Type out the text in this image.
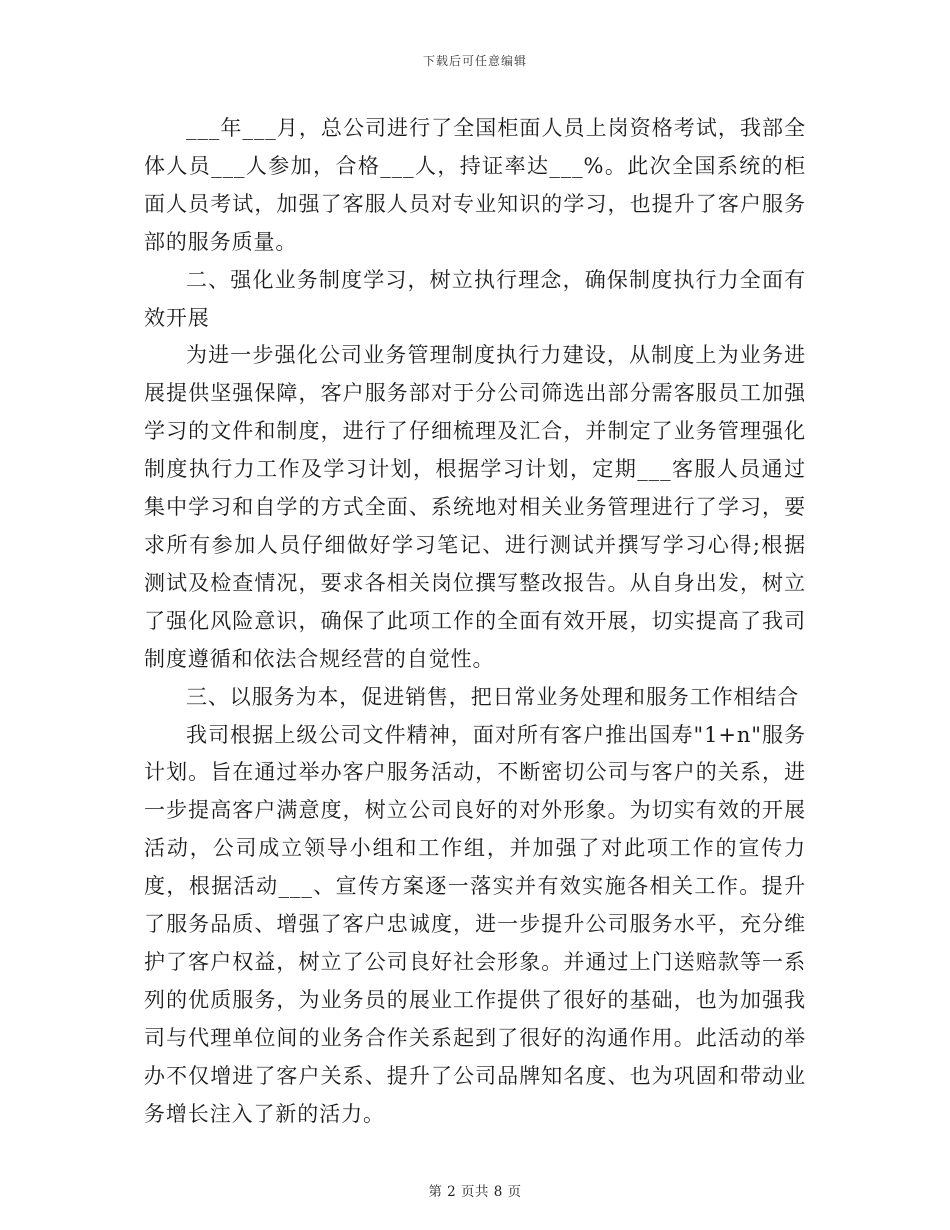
下载后可任意编辑

___年___月，总公司进行了全国柜面人员上岗资格考试，我部全体人员___人参加，合格___人，持证率达___%。此次全国系统的柜面人员考试，加强了客服人员对专业知识的学习，也提升了客户服务部的服务质量。

二、强化业务制度学习，树立执行理念，确保制度执行力全面有效开展

为进一步强化公司业务管理制度执行力建设，从制度上为业务进展提供坚强保障，客户服务部对于分公司筛选出部分需客服员工加强学习的文件和制度，进行了仔细梳理及汇合，并制定了业务管理强化制度执行力工作及学习计划，根据学习计划，定期___客服人员通过集中学习和自学的方式全面、系统地对相关业务管理进行了学习，要求所有参加人员仔细做好学习笔记、进行测试并撰写学习心得;根据测试及检查情况，要求各相关岗位撰写整改报告。从自身出发，树立了强化风险意识，确保了此项工作的全面有效开展，切实提高了我司制度遵循和依法合规经营的自觉性。

三、以服务为本，促进销售，把日常业务处理和服务工作相结合

我司根据上级公司文件精神，面对所有客户推出国寿"1+n"服务计划。旨在通过举办客户服务活动，不断密切公司与客户的关系，进一步提高客户满意度，树立公司良好的对外形象。为切实有效的开展活动，公司成立领导小组和工作组，并加强了对此项工作的宣传力度，根据活动___、宣传方案逐一落实并有效实施各相关工作。提升了服务品质、增强了客户忠诚度，进一步提升公司服务水平，充分维护了客户权益，树立了公司良好社会形象。并通过上门送赔款等一系列的优质服务，为业务员的展业工作提供了很好的基础，也为加强我司与代理单位间的业务合作关系起到了很好的沟通作用。此活动的举办不仅增进了客户关系、提升了公司品牌知名度、也为巩固和带动业务增长注入了新的活力。

第 2 页共 8 页
